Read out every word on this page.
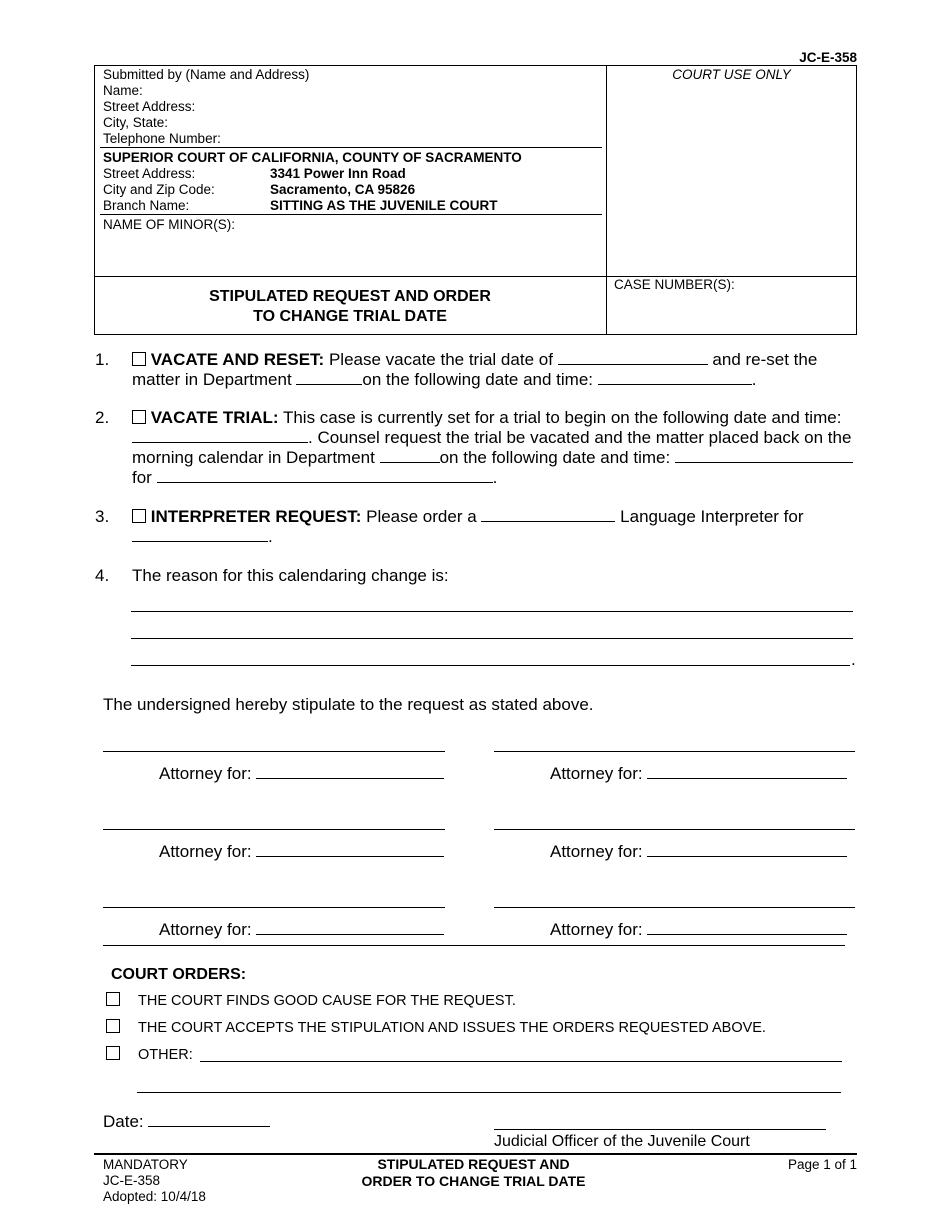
JC-E-358
Submitted by (Name and Address)
Name:
Street Address:
City, State:
Telephone Number:
SUPERIOR COURT OF CALIFORNIA, COUNTY OF SACRAMENTO
Street Address:	3341 Power Inn Road
City and Zip Code:	Sacramento, CA 95826
Branch Name:	SITTING AS THE JUVENILE COURT
NAME OF MINOR(S):
STIPULATED REQUEST AND ORDER
TO CHANGE TRIAL DATE
COURT USE ONLY
CASE NUMBER(S):
1.	VACATE AND RESET: Please vacate the trial date of	and re-set the
matter in Department	on the following date and time:	.
2.	VACATE TRIAL: This case is currently set for a trial to begin on the following date and time:
. Counsel request the trial be vacated and the matter placed back on the
morning calendar in Department	on the following date and time:
for	.
3.	INTERPRETER REQUEST: Please order a	Language Interpreter for
.
4. The reason for this calendaring change is:
.
The undersigned hereby stipulate to the request as stated above.
Attorney for:	Attorney for:
Attorney for:	Attorney for:
Attorney for:	Attorney for:
COURT ORDERS:
THE COURT FINDS GOOD CAUSE FOR THE REQUEST.
THE COURT ACCEPTS THE STIPULATION AND ISSUES THE ORDERS REQUESTED ABOVE.
OTHER:
Date:
Judicial Officer of the Juvenile Court
MANDATORY
JC-E-358
Adopted: 10/4/18
STIPULATED REQUEST AND
ORDER TO CHANGE TRIAL DATE
Page 1 of 1
